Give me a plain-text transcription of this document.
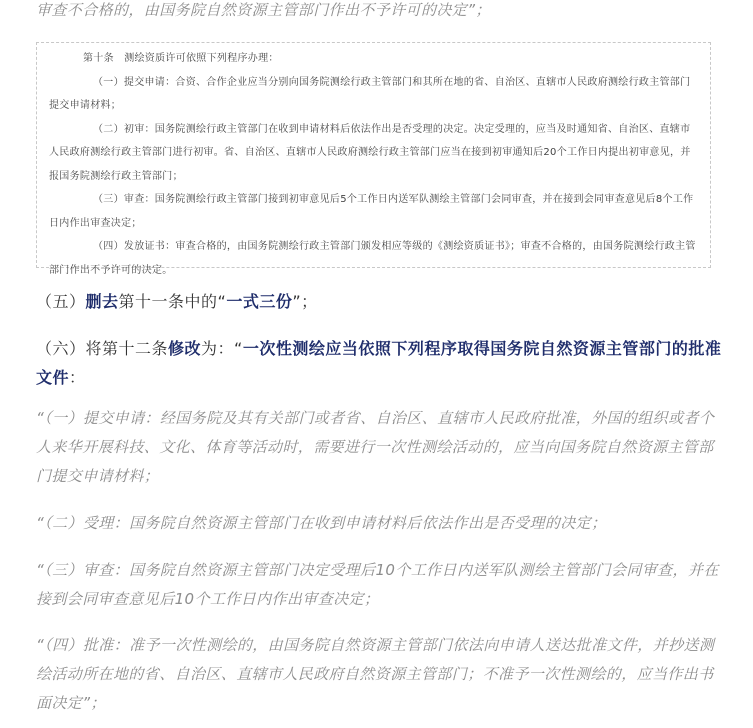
审查不合格的，由国务院自然资源主管部门作出不予许可的决定”；

第十条　测绘资质许可依照下列程序办理：

（一）提交申请：合资、合作企业应当分别向国务院测绘行政主管部门和其所在地的省、自治区、直辖市人民政府测绘行政主管部门提交申请材料；

（二）初审：国务院测绘行政主管部门在收到申请材料后依法作出是否受理的决定。决定受理的，应当及时通知省、自治区、直辖市人民政府测绘行政主管部门进行初审。省、自治区、直辖市人民政府测绘行政主管部门应当在接到初审通知后20个工作日内提出初审意见，并报国务院测绘行政主管部门；

（三）审查：国务院测绘行政主管部门接到初审意见后5个工作日内送军队测绘主管部门会同审查，并在接到会同审查意见后8个工作日内作出审查决定；

（四）发放证书：审查合格的，由国务院测绘行政主管部门颁发相应等级的《测绘资质证书》；审查不合格的，由国务院测绘行政主管部门作出不予许可的决定。

（五）删去第十一条中的“一式三份”；
（六）将第十二条修改为：“一次性测绘应当依照下列程序取得国务院自然资源主管部门的批准文件：
“（一）提交申请：经国务院及其有关部门或者省、自治区、直辖市人民政府批准，外国的组织或者个人来华开展科技、文化、体育等活动时，需要进行一次性测绘活动的，应当向国务院自然资源主管部门提交申请材料；
“（二）受理：国务院自然资源主管部门在收到申请材料后依法作出是否受理的决定；
“（三）审查：国务院自然资源主管部门决定受理后10个工作日内送军队测绘主管部门会同审查，并在接到会同审查意见后10个工作日内作出审查决定；
“（四）批准：准予一次性测绘的，由国务院自然资源主管部门依法向申请人送达批准文件，并抄送测绘活动所在地的省、自治区、直辖市人民政府自然资源主管部门；不准予一次性测绘的，应当作出书面决定”；
